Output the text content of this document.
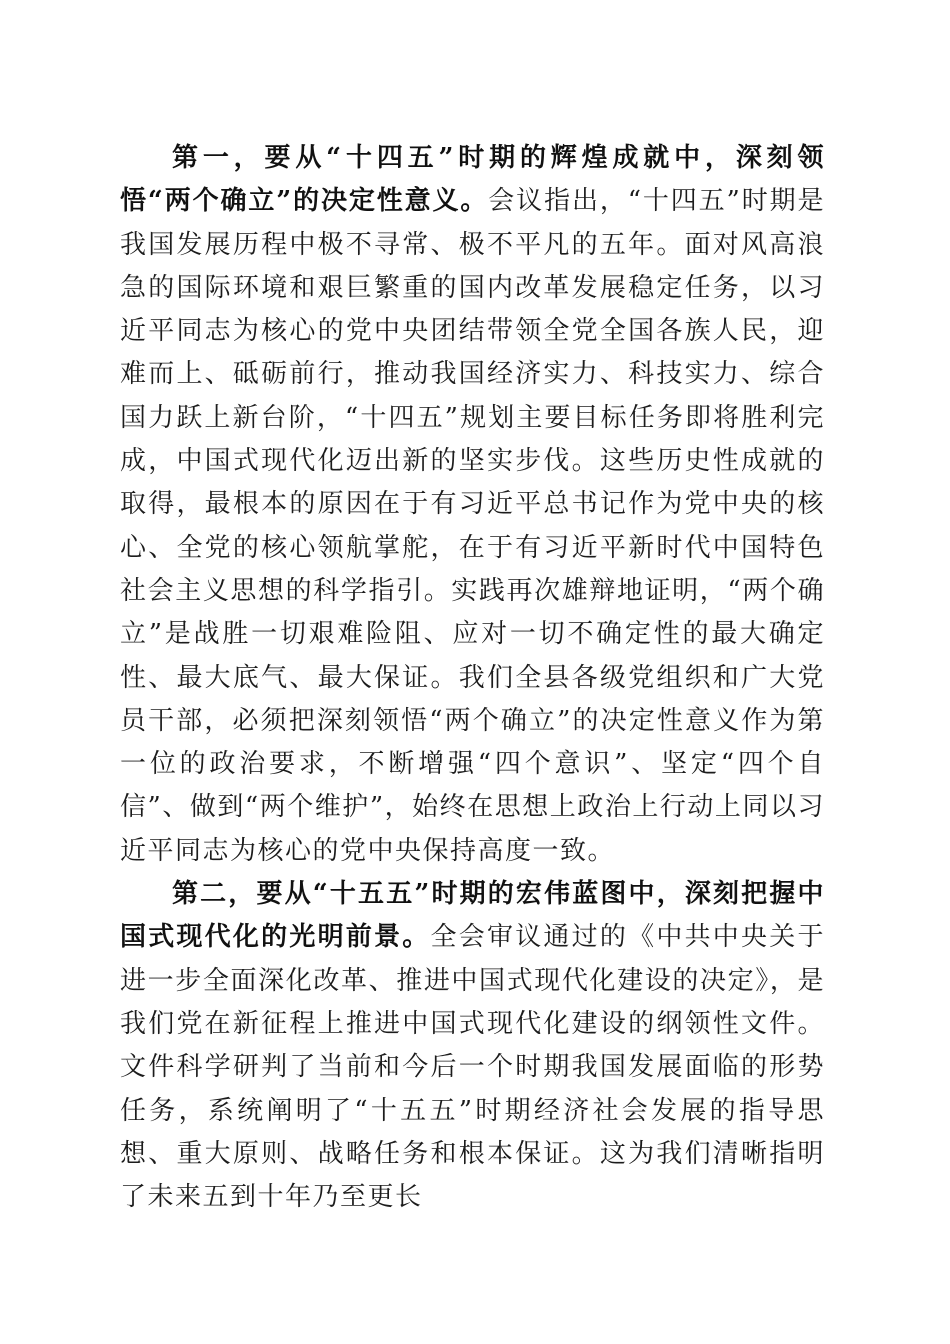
第一，要从“十四五”时期的辉煌成就中，深刻领悟“两个确立”的决定性意义。会议指出，“十四五”时期是我国发展历程中极不寻常、极不平凡的五年。面对风高浪急的国际环境和艰巨繁重的国内改革发展稳定任务，以习近平同志为核心的党中央团结带领全党全国各族人民，迎难而上、砥砺前行，推动我国经济实力、科技实力、综合国力跃上新台阶，“十四五”规划主要目标任务即将胜利完成，中国式现代化迈出新的坚实步伐。这些历史性成就的取得，最根本的原因在于有习近平总书记作为党中央的核心、全党的核心领航掌舵，在于有习近平新时代中国特色社会主义思想的科学指引。实践再次雄辩地证明，“两个确立”是战胜一切艰难险阻、应对一切不确定性的最大确定性、最大底气、最大保证。我们全县各级党组织和广大党员干部，必须把深刻领悟“两个确立”的决定性意义作为第一位的政治要求，不断增强“四个意识”、坚定“四个自信”、做到“两个维护”，始终在思想上政治上行动上同以习近平同志为核心的党中央保持高度一致。

第二，要从“十五五”时期的宏伟蓝图中，深刻把握中国式现代化的光明前景。全会审议通过的《中共中央关于进一步全面深化改革、推进中国式现代化建设的决定》，是我们党在新征程上推进中国式现代化建设的纲领性文件。文件科学研判了当前和今后一个时期我国发展面临的形势任务，系统阐明了“十五五”时期经济社会发展的指导思想、重大原则、战略任务和根本保证。这为我们清晰指明了未来五到十年乃至更长
